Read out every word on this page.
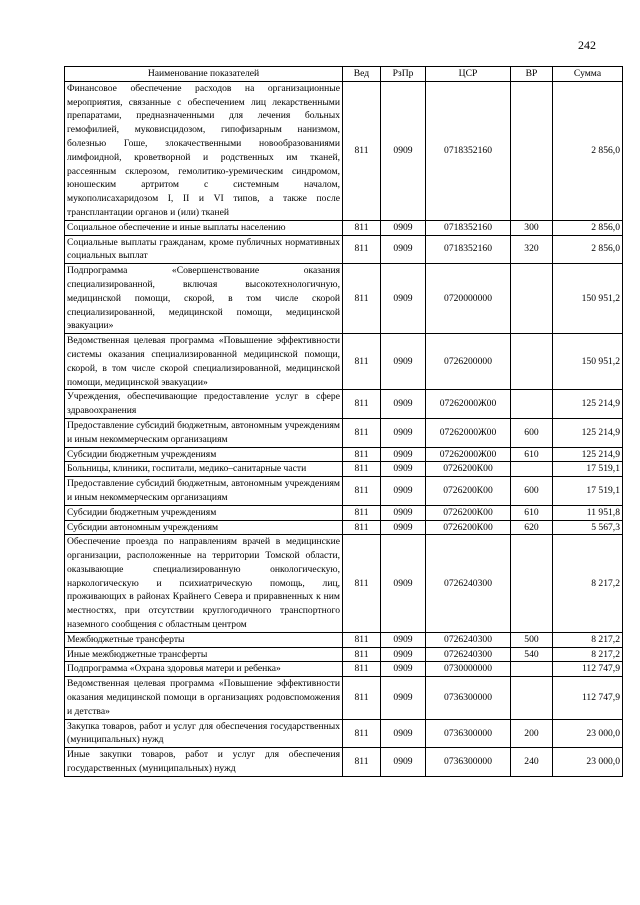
242
Наименование показателей	Вед	РзПр	ЦСР	ВР	Сумма
Финансовое обеспечение расходов на организационные мероприятия, связанные с обеспечением лиц лекарственными препаратами, предназначенными для лечения больных гемофилией, муковисцидозом, гипофизарным нанизмом, болезнью Гоше, злокачественными новообразованиями лимфоидной, кроветворной и родственных им тканей, рассеянным склерозом, гемолитико-уремическим синдромом, юношеским артритом с системным началом, мукополисахаридозом I, II и VI типов, а также после трансплантации органов и (или) тканей	811	0909	0718352160		2 856,0
Социальное обеспечение и иные выплаты населению	811	0909	0718352160	300	2 856,0
Социальные выплаты гражданам, кроме публичных нормативных социальных выплат	811	0909	0718352160	320	2 856,0
Подпрограмма «Совершенствование оказания специализированной, включая высокотехнологичную, медицинской помощи, скорой, в том числе скорой специализированной, медицинской помощи, медицинской эвакуации»	811	0909	0720000000		150 951,2
Ведомственная целевая программа «Повышение эффективности системы оказания специализированной медицинской помощи, скорой, в том числе скорой специализированной, медицинской помощи, медицинской эвакуации»	811	0909	0726200000		150 951,2
Учреждения, обеспечивающие предоставление услуг в сфере здравоохранения	811	0909	07262000Ж00		125 214,9
Предоставление субсидий бюджетным, автономным учреждениям и иным некоммерческим организациям	811	0909	07262000Ж00	600	125 214,9
Субсидии бюджетным учреждениям	811	0909	07262000Ж00	610	125 214,9
Больницы, клиники, госпитали, медико–санитарные части	811	0909	0726200К00		17 519,1
Предоставление субсидий бюджетным, автономным учреждениям и иным некоммерческим организациям	811	0909	0726200К00	600	17 519,1
Субсидии бюджетным учреждениям	811	0909	0726200К00	610	11 951,8
Субсидии автономным учреждениям	811	0909	0726200К00	620	5 567,3
Обеспечение проезда по направлениям врачей в медицинские организации, расположенные на территории Томской области, оказывающие специализированную онкологическую, наркологическую и психиатрическую помощь, лиц, проживающих в районах Крайнего Севера и приравненных к ним местностях, при отсутствии круглогодичного транспортного наземного сообщения с областным центром	811	0909	0726240300		8 217,2
Межбюджетные трансферты	811	0909	0726240300	500	8 217,2
Иные межбюджетные трансферты	811	0909	0726240300	540	8 217,2
Подпрограмма «Охрана здоровья матери и ребенка»	811	0909	0730000000		112 747,9
Ведомственная целевая программа «Повышение эффективности оказания медицинской помощи в организациях родовспоможения и детства»	811	0909	0736300000		112 747,9
Закупка товаров, работ и услуг для обеспечения государственных (муниципальных) нужд	811	0909	0736300000	200	23 000,0
Иные закупки товаров, работ и услуг для обеспечения государственных (муниципальных) нужд	811	0909	0736300000	240	23 000,0
